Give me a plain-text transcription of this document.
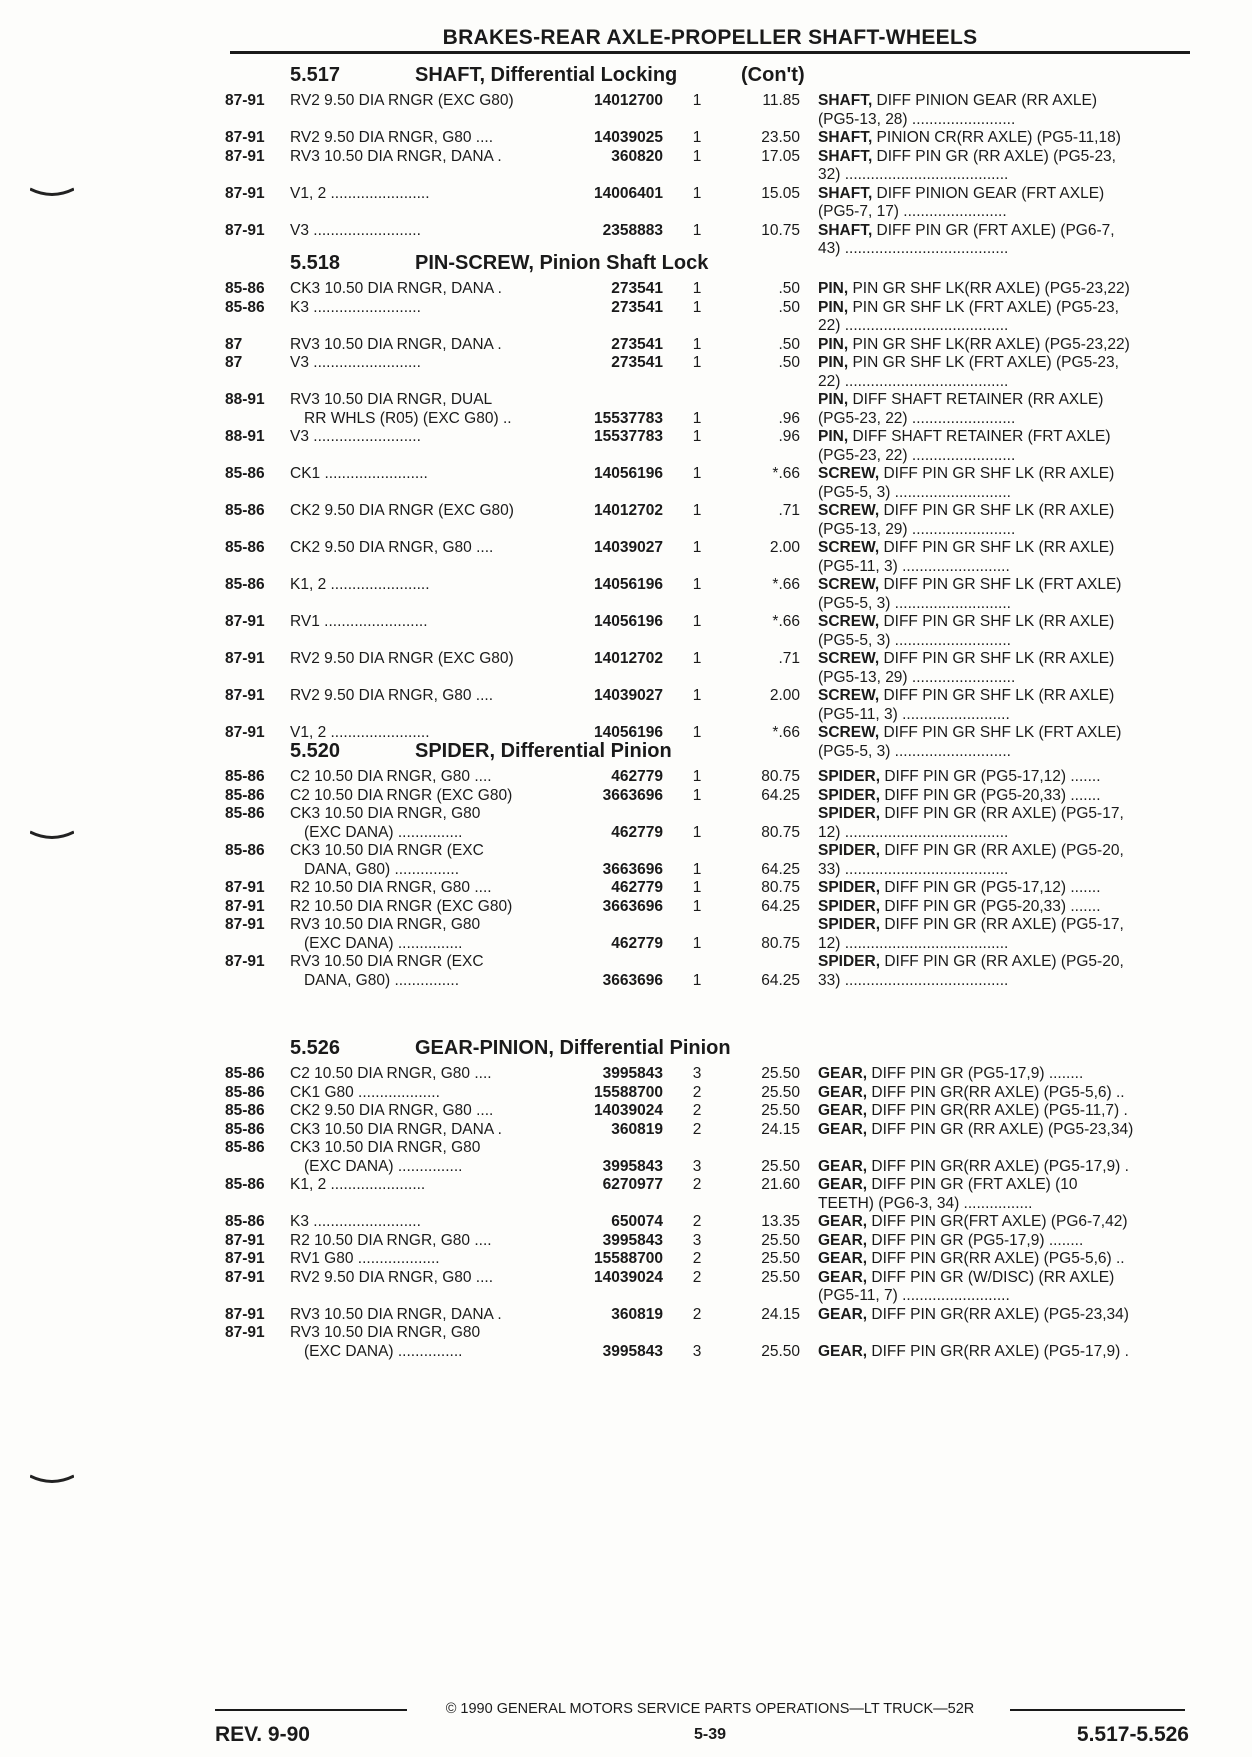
BRAKES-REAR AXLE-PROPELLER SHAFT-WHEELS
5.517	SHAFT, Differential Locking	(Con't)
87-91	RV2 9.50 DIA RNGR (EXC G80)	14012700	1	11.85 SHAFT, DIFF PINION GEAR (RR AXLE)
(PG5-13, 28) ........................
87-91	RV2 9.50 DIA RNGR, G80 ....	14039025	1	23.50 SHAFT, PINION CR(RR AXLE) (PG5-11,18)
87-91	RV3 10.50 DIA RNGR, DANA .	360820	1	17.05 SHAFT, DIFF PIN GR (RR AXLE) (PG5-23,
32) ......................................
87-91	V1, 2 .......................	14006401	1	15.05 SHAFT, DIFF PINION GEAR (FRT AXLE)
(PG5-7, 17) ........................
87-91	V3 .........................	2358883	1	10.75 SHAFT, DIFF PIN GR (FRT AXLE) (PG6-7,
43) ......................................
5.518	PIN-SCREW, Pinion Shaft Lock
85-86	CK3 10.50 DIA RNGR, DANA .	273541	1	.50 PIN, PIN GR SHF LK(RR AXLE) (PG5-23,22)
85-86	K3 .........................	273541	1	.50 PIN, PIN GR SHF LK (FRT AXLE) (PG5-23,
22) ......................................
87	RV3 10.50 DIA RNGR, DANA .	273541	1	.50 PIN, PIN GR SHF LK(RR AXLE) (PG5-23,22)
87	V3 .........................	273541	1	.50 PIN, PIN GR SHF LK (FRT AXLE) (PG5-23,
22) ......................................
88-91	RV3 10.50 DIA RNGR, DUAL
RR WHLS (R05) (EXC G80) ..	15537783	1	.96
PIN, DIFF SHAFT RETAINER (RR AXLE)
(PG5-23, 22) ........................
88-91	V3 .........................	15537783	1	.96 PIN, DIFF SHAFT RETAINER (FRT AXLE)
(PG5-23, 22) ........................
85-86	CK1 ........................	14056196	1	*.66 SCREW, DIFF PIN GR SHF LK (RR AXLE)
(PG5-5, 3) ...........................
85-86	CK2 9.50 DIA RNGR (EXC G80)	14012702	1	.71 SCREW, DIFF PIN GR SHF LK (RR AXLE)
(PG5-13, 29) ........................
85-86	CK2 9.50 DIA RNGR, G80 ....	14039027	1	2.00 SCREW, DIFF PIN GR SHF LK (RR AXLE)
(PG5-11, 3) .........................
85-86	K1, 2 .......................	14056196	1	*.66 SCREW, DIFF PIN GR SHF LK (FRT AXLE)
(PG5-5, 3) ...........................
87-91	RV1 ........................	14056196	1	*.66 SCREW, DIFF PIN GR SHF LK (RR AXLE)
(PG5-5, 3) ...........................
87-91	RV2 9.50 DIA RNGR (EXC G80)	14012702	1	.71 SCREW, DIFF PIN GR SHF LK (RR AXLE)
(PG5-13, 29) ........................
87-91	RV2 9.50 DIA RNGR, G80 ....	14039027	1	2.00 SCREW, DIFF PIN GR SHF LK (RR AXLE)
(PG5-11, 3) .........................
87-91	V1, 2 .......................	14056196	1	*.66 SCREW, DIFF PIN GR SHF LK (FRT AXLE)
(PG5-5, 3) ...........................
5.520	SPIDER, Differential Pinion
85-86	C2 10.50 DIA RNGR, G80 ....	462779	1	80.75 SPIDER, DIFF PIN GR (PG5-17,12) .......
85-86	C2 10.50 DIA RNGR (EXC G80)	3663696	1	64.25 SPIDER, DIFF PIN GR (PG5-20,33) .......
85-86	CK3 10.50 DIA RNGR, G80
(EXC DANA) ...............	462779	1	80.75
SPIDER, DIFF PIN GR (RR AXLE) (PG5-17,
12) ......................................
85-86	CK3 10.50 DIA RNGR (EXC
DANA, G80) ...............	3663696	1	64.25
SPIDER, DIFF PIN GR (RR AXLE) (PG5-20,
33) ......................................
87-91	R2 10.50 DIA RNGR, G80 ....	462779	1	80.75 SPIDER, DIFF PIN GR (PG5-17,12) .......
87-91	R2 10.50 DIA RNGR (EXC G80)	3663696	1	64.25 SPIDER, DIFF PIN GR (PG5-20,33) .......
87-91	RV3 10.50 DIA RNGR, G80
(EXC DANA) ...............	462779	1	80.75
SPIDER, DIFF PIN GR (RR AXLE) (PG5-17,
12) ......................................
87-91	RV3 10.50 DIA RNGR (EXC
DANA, G80) ...............	3663696	1	64.25
SPIDER, DIFF PIN GR (RR AXLE) (PG5-20,
33) ......................................
5.526	GEAR-PINION, Differential Pinion
85-86	C2 10.50 DIA RNGR, G80 ....	3995843	3	25.50 GEAR, DIFF PIN GR (PG5-17,9) ........
85-86	CK1 G80 ...................	15588700	2	25.50 GEAR, DIFF PIN GR(RR AXLE) (PG5-5,6) ..
85-86	CK2 9.50 DIA RNGR, G80 ....	14039024	2	25.50 GEAR, DIFF PIN GR(RR AXLE) (PG5-11,7) .
85-86	CK3 10.50 DIA RNGR, DANA .	360819	2	24.15 GEAR, DIFF PIN GR (RR AXLE) (PG5-23,34)
85-86	CK3 10.50 DIA RNGR, G80
(EXC DANA) ...............	3995843	3	25.50
GEAR, DIFF PIN GR(RR AXLE) (PG5-17,9) .
85-86	K1, 2 ......................	6270977	2	21.60 GEAR, DIFF PIN GR (FRT AXLE) (10
TEETH) (PG6-3, 34) ................
85-86	K3 .........................	650074	2	13.35 GEAR, DIFF PIN GR(FRT AXLE) (PG6-7,42)
87-91	R2 10.50 DIA RNGR, G80 ....	3995843	3	25.50 GEAR, DIFF PIN GR (PG5-17,9) ........
87-91	RV1 G80 ...................	15588700	2	25.50 GEAR, DIFF PIN GR(RR AXLE) (PG5-5,6) ..
87-91	RV2 9.50 DIA RNGR, G80 ....	14039024	2	25.50 GEAR, DIFF PIN GR (W/DISC) (RR AXLE)
(PG5-11, 7) .........................
87-91	RV3 10.50 DIA RNGR, DANA .	360819	2	24.15 GEAR, DIFF PIN GR(RR AXLE) (PG5-23,34)
87-91	RV3 10.50 DIA RNGR, G80
(EXC DANA) ...............	3995843	3	25.50
GEAR, DIFF PIN GR(RR AXLE) (PG5-17,9) .
© 1990 GENERAL MOTORS SERVICE PARTS OPERATIONS—LT TRUCK—52R
REV. 9-90	5-39	5.517-5.526
